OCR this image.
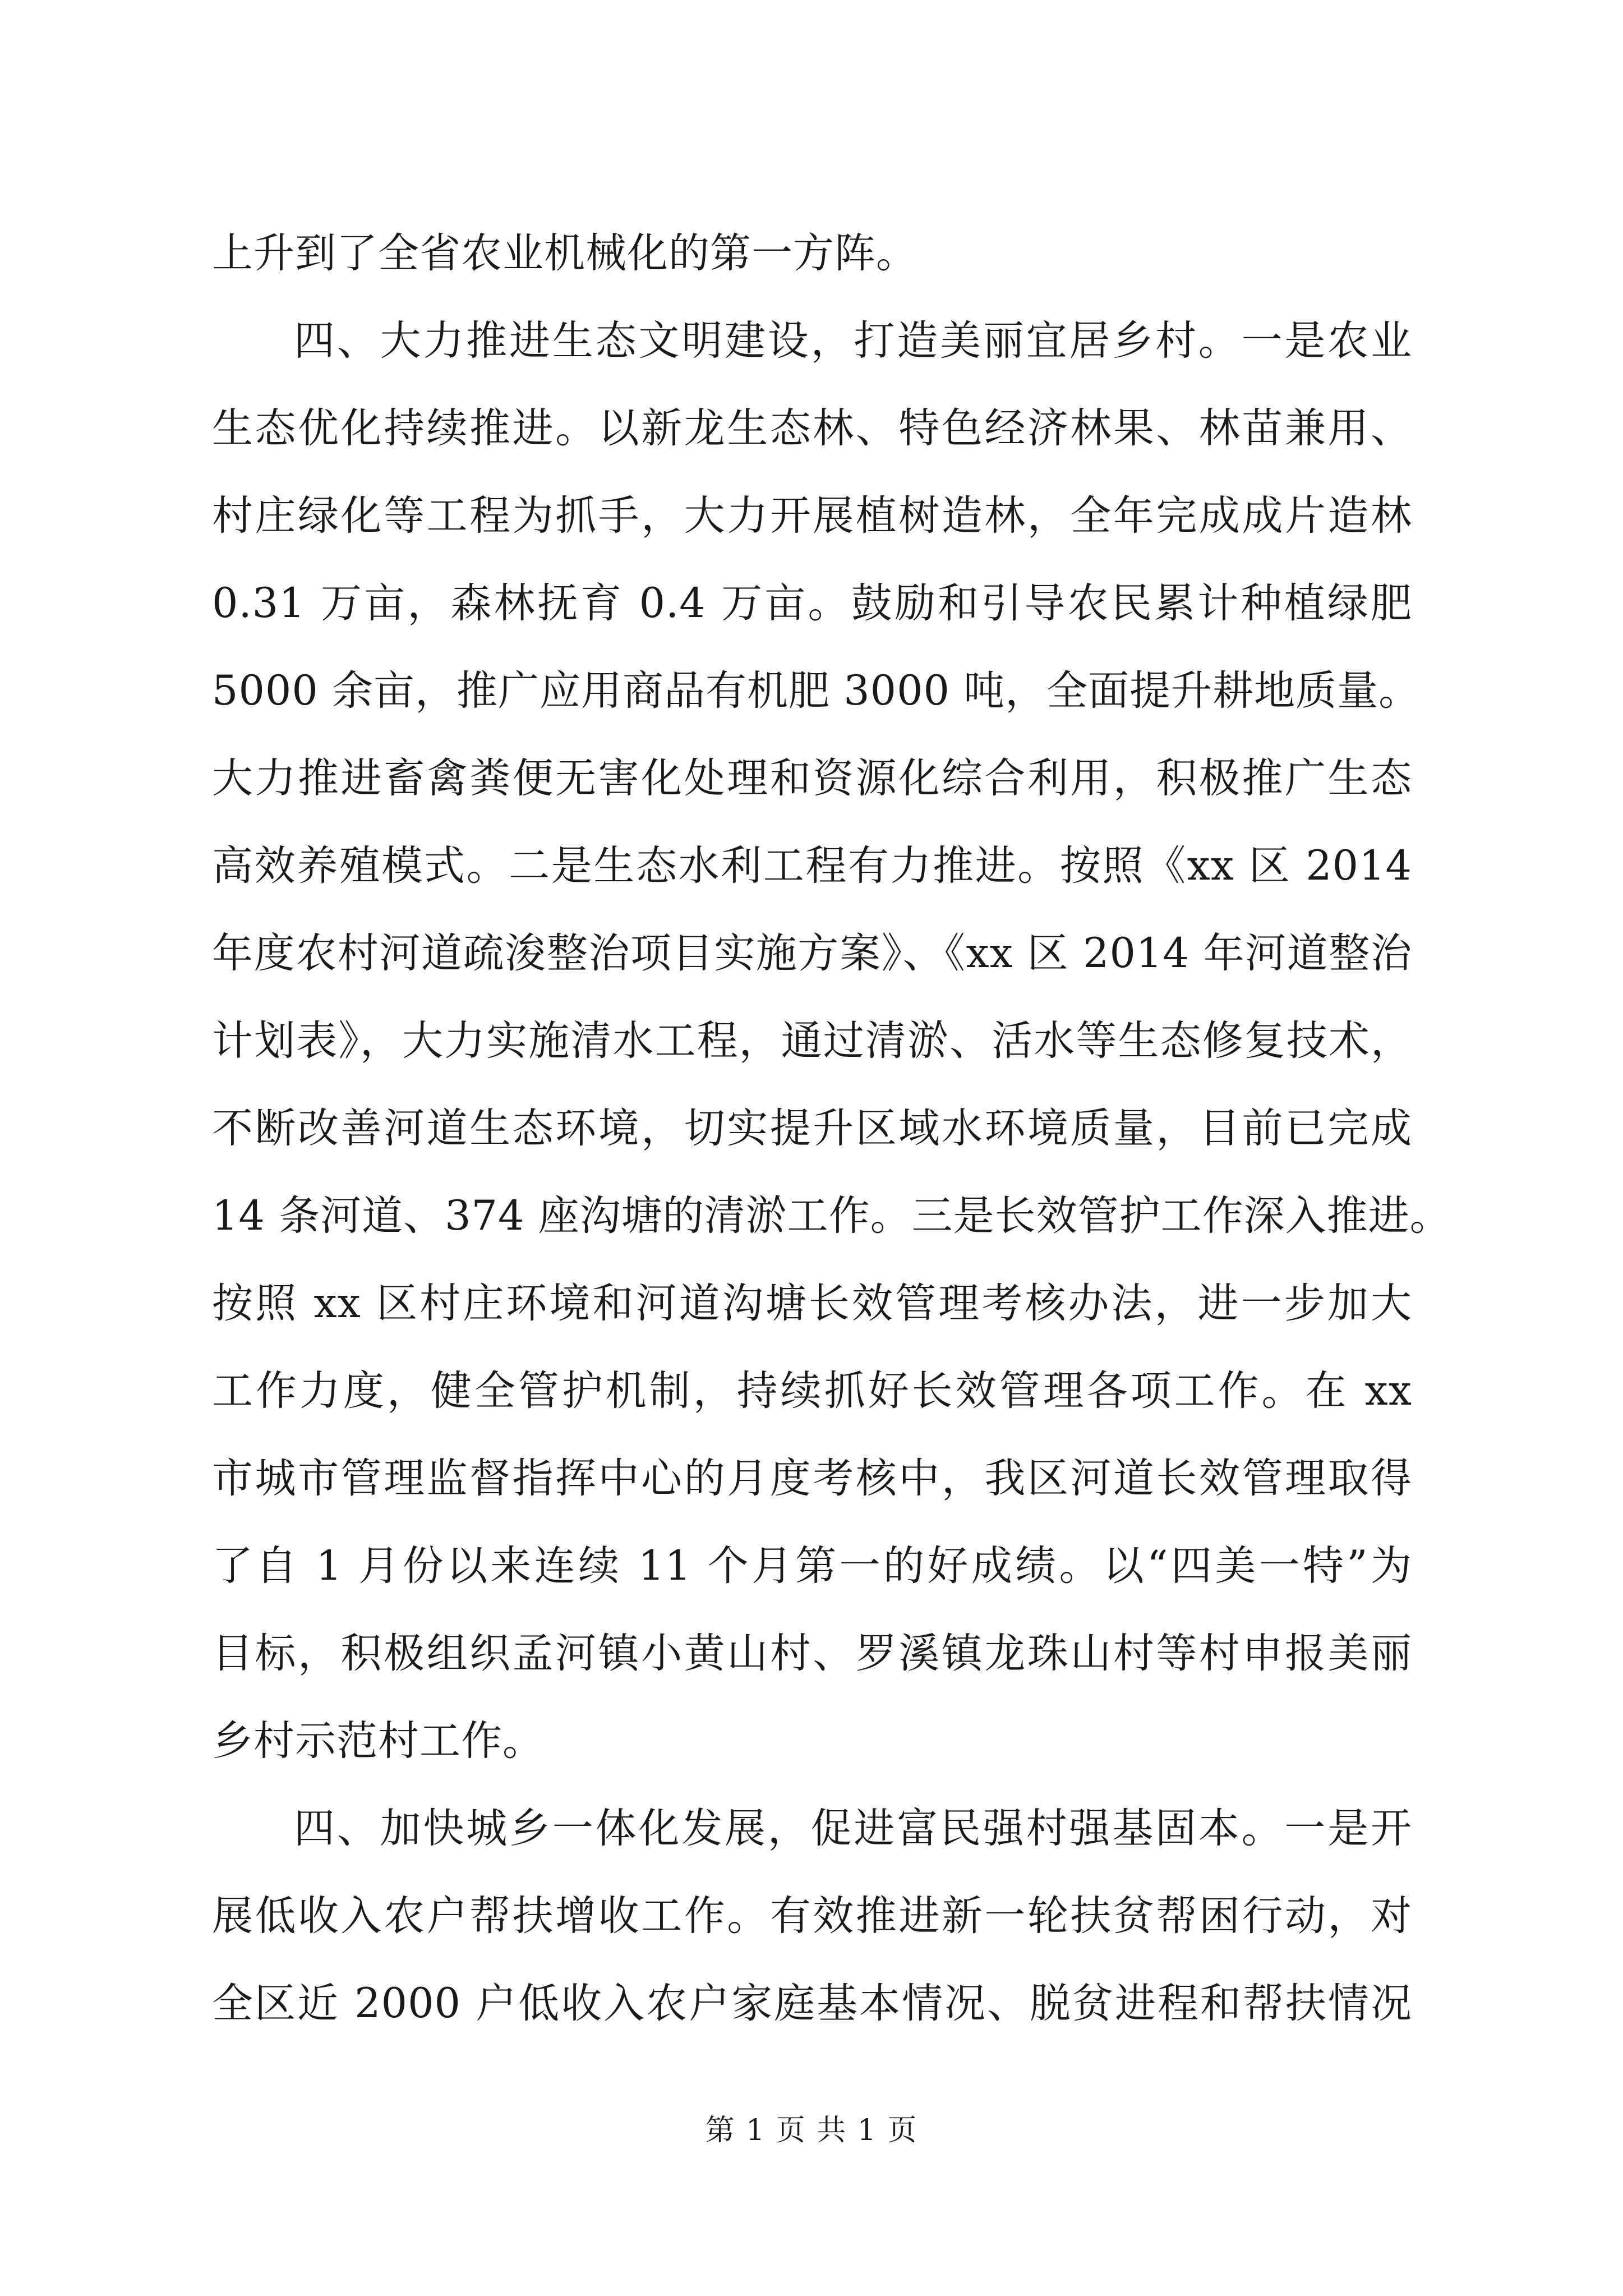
上升到了全省农业机械化的第一方阵。
四、大力推进生态文明建设，打造美丽宜居乡村。一是农业
生态优化持续推进。以新龙生态林、特色经济林果、林苗兼用、
村庄绿化等工程为抓手，大力开展植树造林，全年完成成片造林
0.31 万亩，森林抚育 0.4 万亩。鼓励和引导农民累计种植绿肥
5000 余亩，推广应用商品有机肥 3000 吨，全面提升耕地质量。
大力推进畜禽粪便无害化处理和资源化综合利用，积极推广生态
高效养殖模式。二是生态水利工程有力推进。按照《xx 区 2014
年度农村河道疏浚整治项目实施方案》、《xx 区 2014 年河道整治
计划表》，大力实施清水工程，通过清淤、活水等生态修复技术，
不断改善河道生态环境，切实提升区域水环境质量，目前已完成
14 条河道、374 座沟塘的清淤工作。三是长效管护工作深入推进。
按照 xx 区村庄环境和河道沟塘长效管理考核办法，进一步加大
工作力度，健全管护机制，持续抓好长效管理各项工作。在 xx
市城市管理监督指挥中心的月度考核中，我区河道长效管理取得
了自 1 月份以来连续 11 个月第一的好成绩。以“四美一特”为
目标，积极组织孟河镇小黄山村、罗溪镇龙珠山村等村申报美丽
乡村示范村工作。
四、加快城乡一体化发展，促进富民强村强基固本。一是开
展低收入农户帮扶增收工作。有效推进新一轮扶贫帮困行动，对
全区近 2000 户低收入农户家庭基本情况、脱贫进程和帮扶情况
第 1 页 共 1 页
